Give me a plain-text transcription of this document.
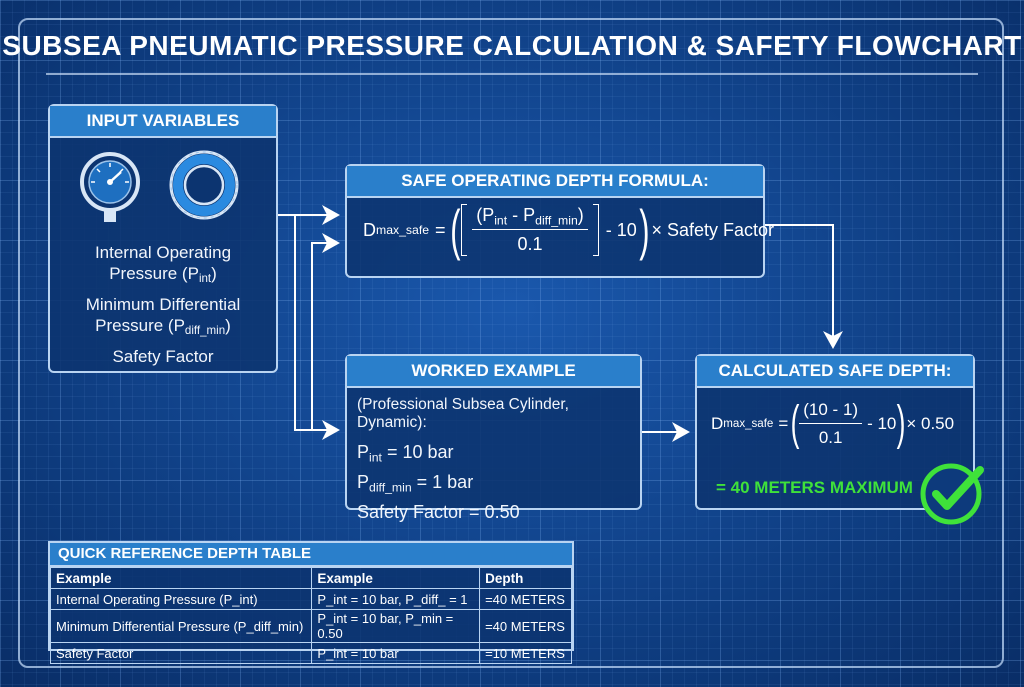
SUBSEA PNEUMATIC PRESSURE CALCULATION & SAFETY FLOWCHART
INPUT VARIABLES
Internal Operating
Pressure $(P_{int})$
Minimum Differential
Pressure $(P_{diff\_min})$
Safety Factor
SAFE OPERATING DEPTH FORMULA:
D max_safe = ( $\frac{(P_{int} - P_{diff\_min})}{0.1} - 10$ ) × Safety Factor
WORKED EXAMPLE
(Professional Subsea Cylinder, Dynamic):
$P_{int} = 10$ bar
$P_{diff\_min} = 1$ bar
Safety Factor = 0.50
CALCULATED SAFE DEPTH:
D max_safe = ( $\frac{(10 - 1)}{0.1} - 10$ ) × 0.50
= 40 METERS MAXIMUM
QUICK REFERENCE DEPTH TABLE
Example	Example	Depth
Internal Operating Pressure (P_int)	P_int = 10 bar, P_diff_ = 1	=40 METERS
Minimum Differential Pressure (P_diff_min)	P_int = 10 bar, P_min = 0.50	=40 METERS
Safety Factor	P_int = 10 bar	=10 METERS
